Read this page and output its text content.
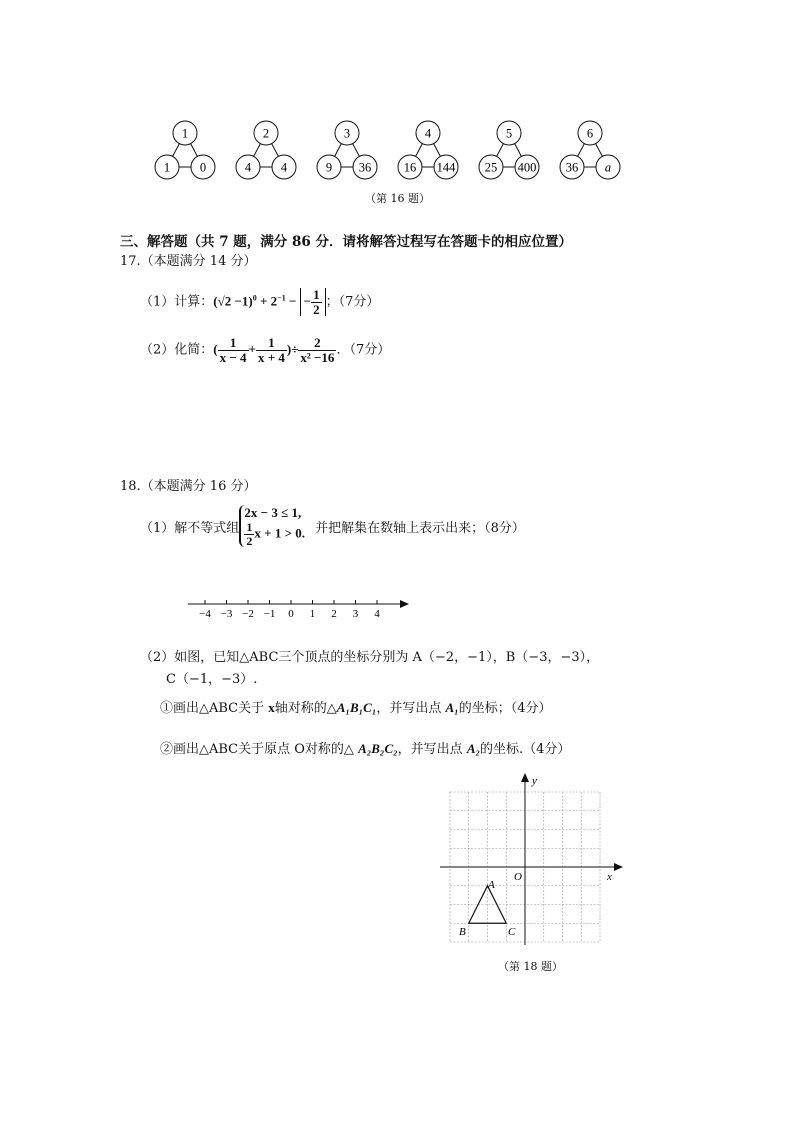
1
1 0
2
4 4
3
9 36
4
16 144
5
25 400
6
36 a
（第 16 题）
三、解答题（共 7 题，满分 86 分．请将解答过程写在答题卡的相应位置）
17.（本题满分 14 分）
（1）计算：$(√2 -1)^0 + 2^{-1}$ − − $\frac{1}{2}$ ；（7分）
（2）化简：( $\frac{1}{x - 4} + \frac{1}{x + 4}$ )÷ $\frac{2}{\text{x² −16}}$ ．（7分）
18.（本题满分 16 分）
（1）解不等式组
2x − 3 ≤ 1,
$\frac{1}{2}$ x + 1 > 0. 并把解集在数轴上表示出来；（8分）
−4 −3 −2 −1 0 1 2 3 4
（2）如图，已知△ABC三个顶点的坐标分别为 A（−2，−1），B（−3，−3），
C（−1，−3）.
①画出△ABC关于 x轴对称的△A₁B₁C₁，并写出点 A₁的坐标；（4分）
②画出△ABC关于原点 O对称的△ A₂B₂C₂，并写出点 A₂的坐标.（4分）
y
x
O
A
B	C
（第 18 题）
